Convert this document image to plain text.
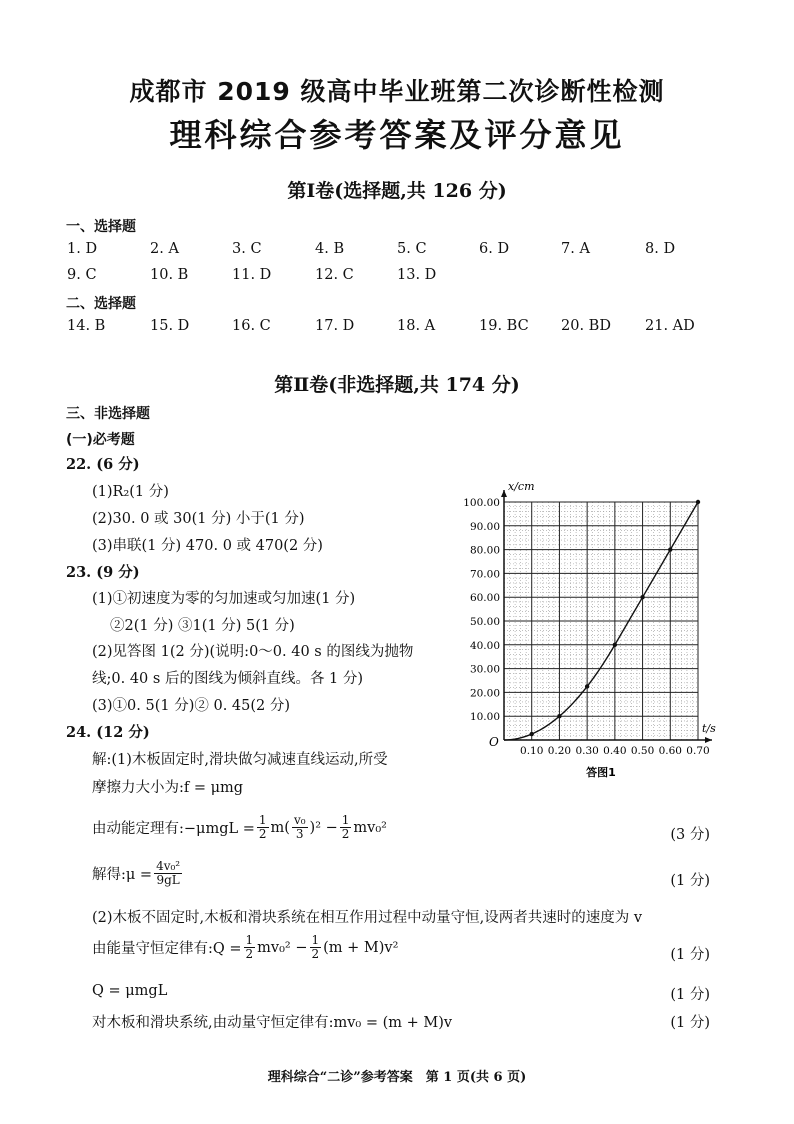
成都市 2019 级高中毕业班第二次诊断性检测
理科综合参考答案及评分意见
第Ⅰ卷(选择题,共 126 分)
一、选择题
1. D	2. A	3. C	4. B	5. C	6. D	7. A	8. D
9. C	10. B	11. D	12. C	13. D
二、选择题
14. B	15. D	16. C	17. D	18. A	19. BC 20. BD 21. AD
第Ⅱ卷(非选择题,共 174 分)
三、非选择题
(一)必考题
22. (6 分)
(1)R₂(1 分)
(2)30. 0 或 30(1 分) 小于(1 分)
(3)串联(1 分) 470. 0 或 470(2 分)
23. (9 分)
(1)①初速度为零的匀加速或匀加速(1 分)
②2(1 分) ③1(1 分) 5(1 分)
(2)见答图 1(2 分)(说明:0～0. 40 s 的图线为抛物
线;0. 40 s 后的图线为倾斜直线。各 1 分)
(3)①0. 5(1 分)② 0. 45(2 分)
24. (12 分)
解:(1)木板固定时,滑块做匀减速直线运动,所受
摩擦力大小为:f = μmg
由动能定理有:−μmgL = $\frac{1}{2} m( \frac{\text{v₀}}{3} )^2 - \frac{1}{2} mv_0^2$	(3 分)
解得:μ = $\frac{\text{4v₀²}}{9gL}$	(1 分)
(2)木板不固定时,木板和滑块系统在相互作用过程中动量守恒,设两者共速时的速度为 v
由能量守恒定律有:Q = $\frac{1}{2} mv_0^2 - \frac{1}{2} (m + M)v^2$	(1 分)
Q = μmgL	(1 分)
对木板和滑块系统,由动量守恒定律有:mv₀ = (m + M)v	(1 分)
理科综合“二诊”参考答案　第 1 页(共 6 页)
0.10 0.20 0.30 0.40 0.50 0.60 0.70
10.00
20.00
30.00
40.00
50.00
60.00
70.00
80.00
90.00
100.00
x/cm
t/s
O
答图1
